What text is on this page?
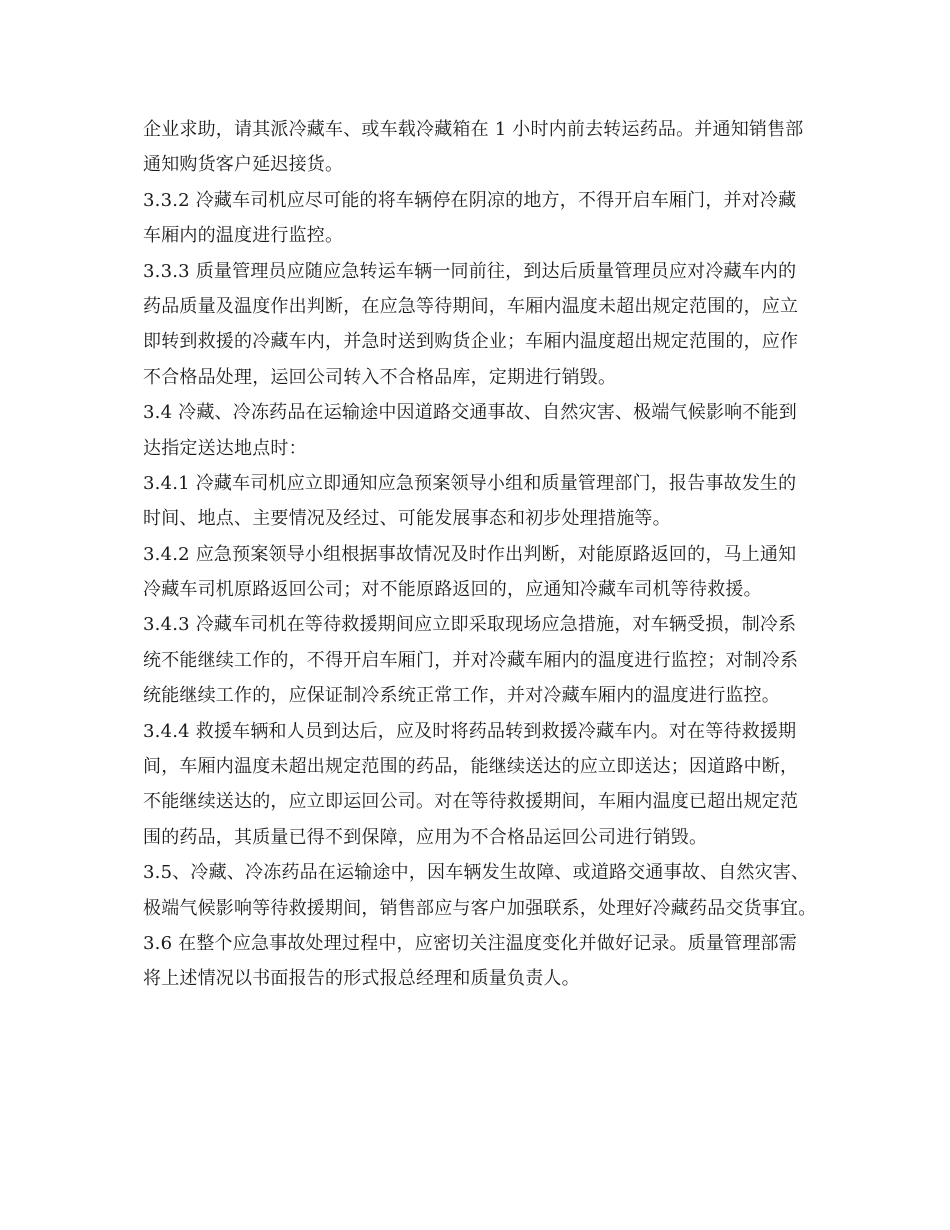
企业求助，请其派冷藏车、或车载冷藏箱在 1 小时内前去转运药品。并通知销售部
通知购货客户延迟接货。
3.3.2 冷藏车司机应尽可能的将车辆停在阴凉的地方，不得开启车厢门，并对冷藏
车厢内的温度进行监控。
3.3.3 质量管理员应随应急转运车辆一同前往，到达后质量管理员应对冷藏车内的
药品质量及温度作出判断，在应急等待期间，车厢内温度未超出规定范围的，应立
即转到救援的冷藏车内，并急时送到购货企业；车厢内温度超出规定范围的，应作
不合格品处理，运回公司转入不合格品库，定期进行销毁。
3.4 冷藏、冷冻药品在运输途中因道路交通事故、自然灾害、极端气候影响不能到
达指定送达地点时：
3.4.1 冷藏车司机应立即通知应急预案领导小组和质量管理部门，报告事故发生的
时间、地点、主要情况及经过、可能发展事态和初步处理措施等。
3.4.2 应急预案领导小组根据事故情况及时作出判断，对能原路返回的，马上通知
冷藏车司机原路返回公司；对不能原路返回的，应通知冷藏车司机等待救援。
3.4.3 冷藏车司机在等待救援期间应立即采取现场应急措施，对车辆受损，制冷系
统不能继续工作的，不得开启车厢门，并对冷藏车厢内的温度进行监控；对制冷系
统能继续工作的，应保证制冷系统正常工作，并对冷藏车厢内的温度进行监控。
3.4.4 救援车辆和人员到达后，应及时将药品转到救援冷藏车内。对在等待救援期
间，车厢内温度未超出规定范围的药品，能继续送达的应立即送达；因道路中断，
不能继续送达的，应立即运回公司。对在等待救援期间，车厢内温度已超出规定范
围的药品，其质量已得不到保障，应用为不合格品运回公司进行销毁。
3.5、冷藏、冷冻药品在运输途中，因车辆发生故障、或道路交通事故、自然灾害、
极端气候影响等待救援期间，销售部应与客户加强联系，处理好冷藏药品交货事宜。
3.6 在整个应急事故处理过程中，应密切关注温度变化并做好记录。质量管理部需
将上述情况以书面报告的形式报总经理和质量负责人。
